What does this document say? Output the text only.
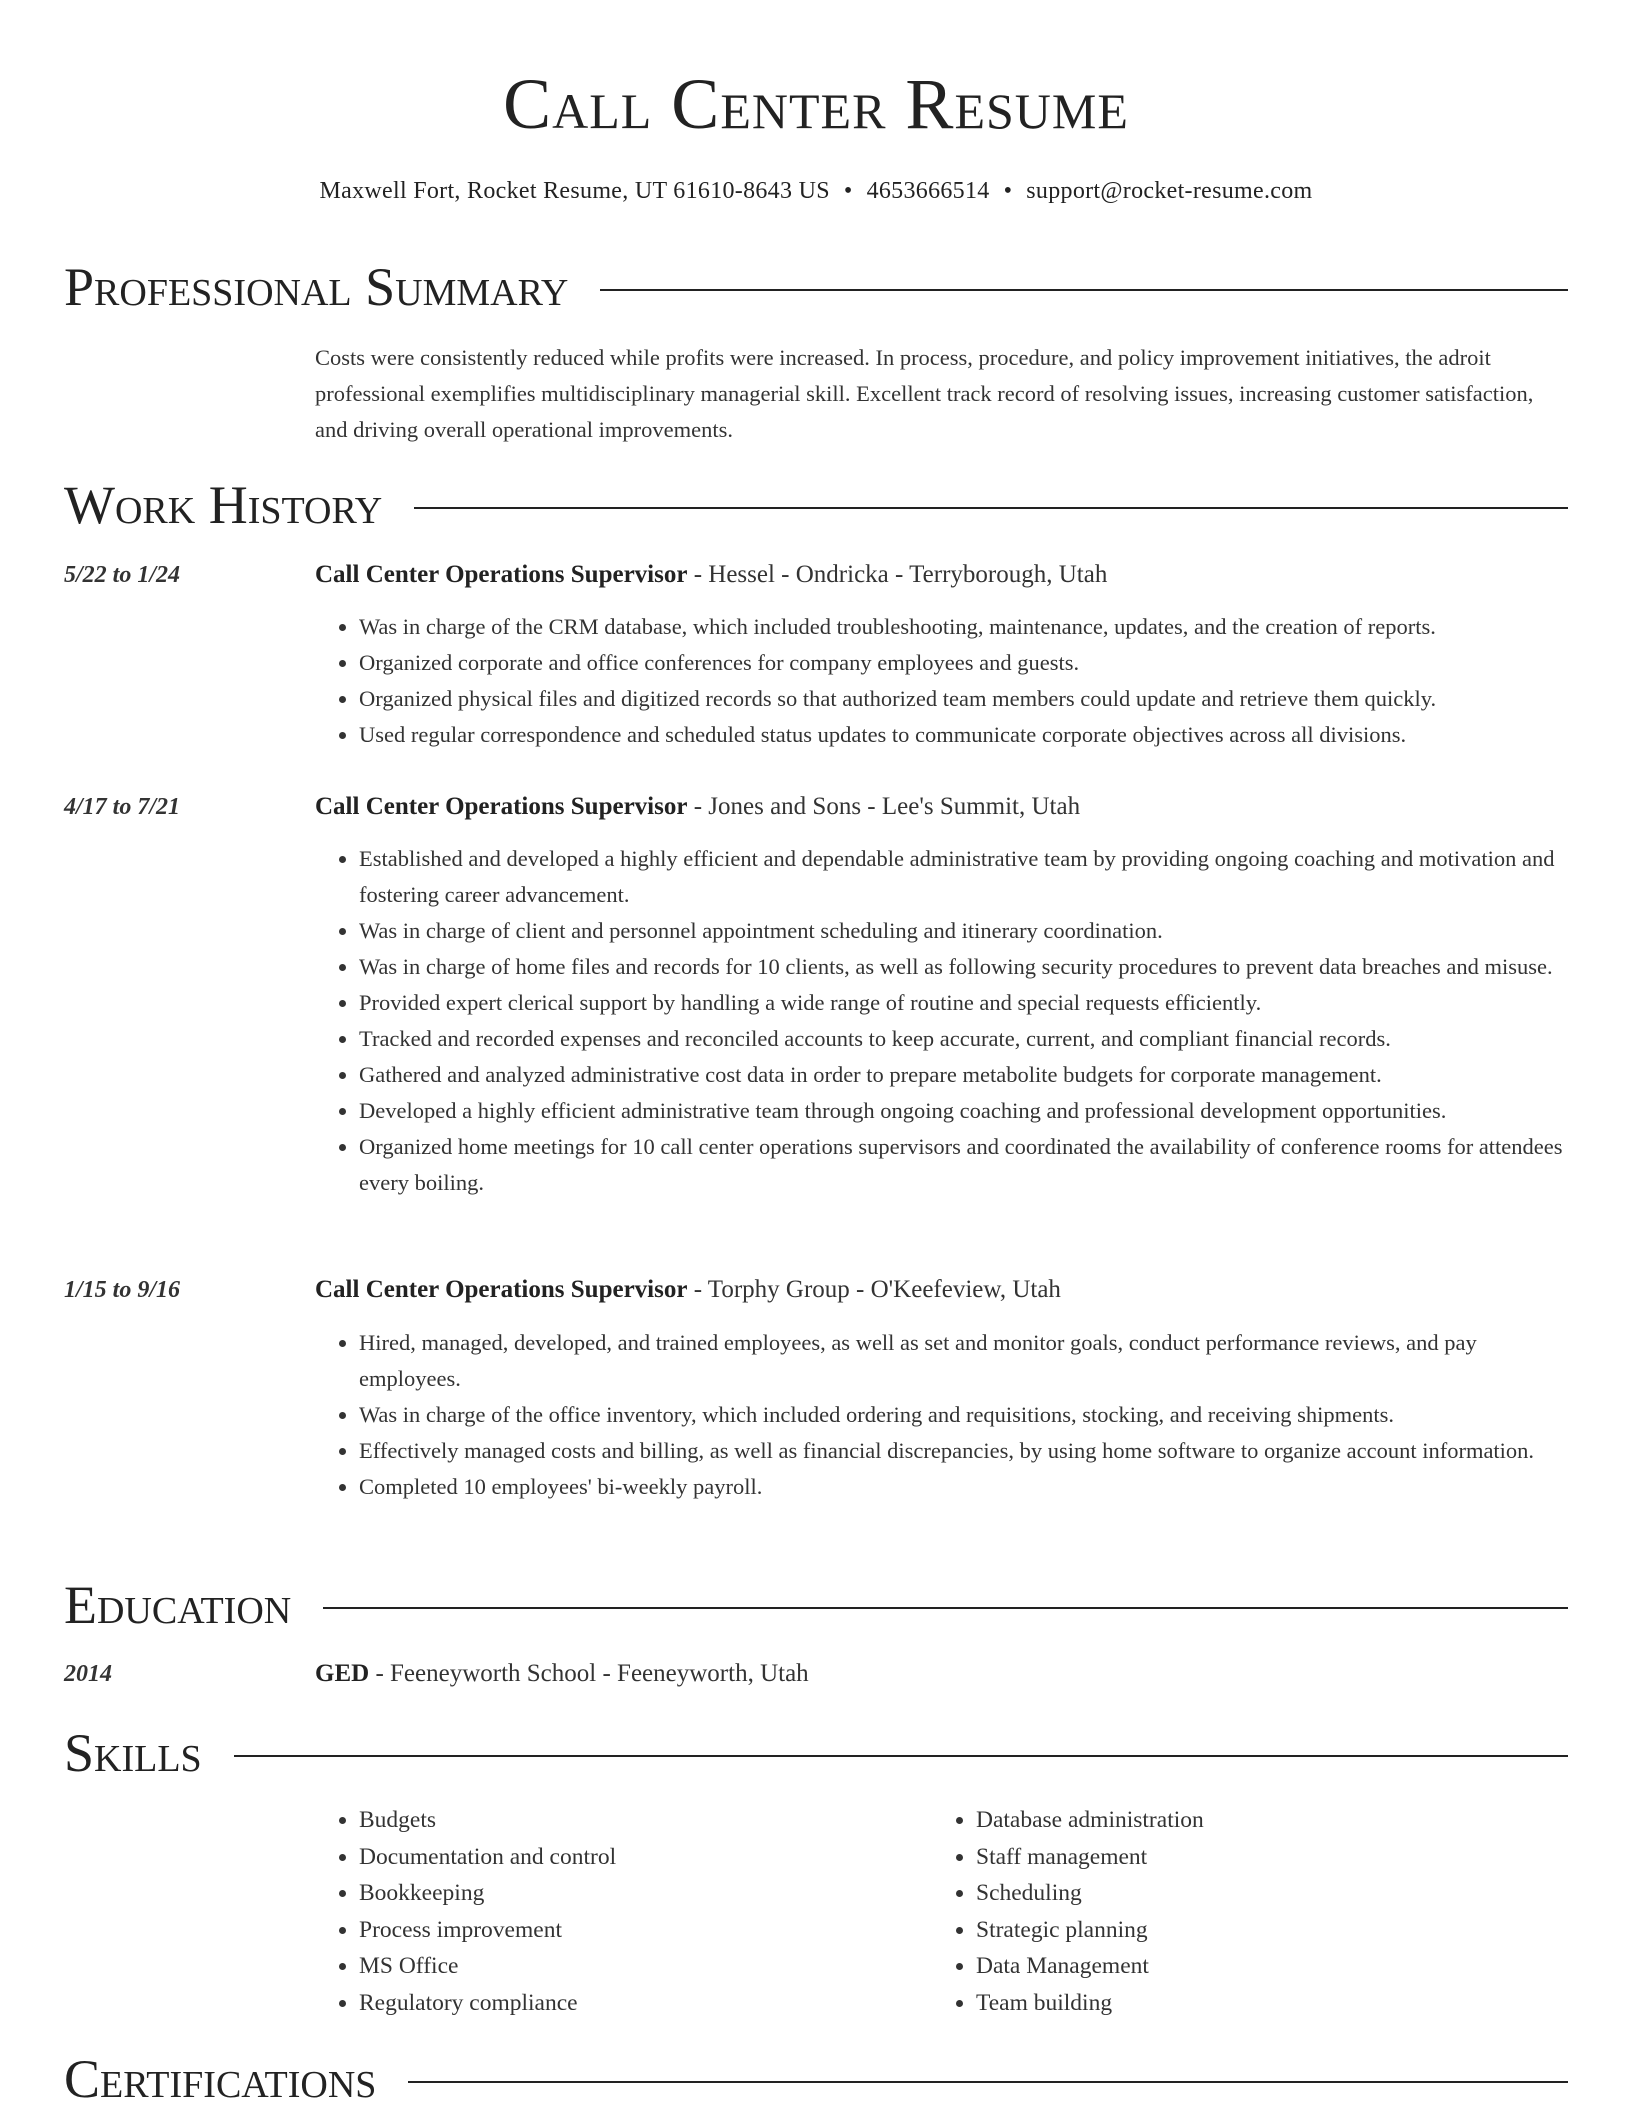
Call Center Resume
Maxwell Fort, Rocket Resume, UT 61610-8643 US • 4653666514 • support@rocket-resume.com
Professional Summary
Costs were consistently reduced while profits were increased. In process, procedure, and policy improvement initiatives, the adroit professional exemplifies multidisciplinary managerial skill. Excellent track record of resolving issues, increasing customer satisfaction, and driving overall operational improvements.
Work History
5/22 to 1/24	Call Center Operations Supervisor - Hessel - Ondricka - Terryborough, Utah
• Was in charge of the CRM database, which included troubleshooting, maintenance, updates, and the creation of reports.
• Organized corporate and office conferences for company employees and guests.
• Organized physical files and digitized records so that authorized team members could update and retrieve them quickly.
• Used regular correspondence and scheduled status updates to communicate corporate objectives across all divisions.
4/17 to 7/21	Call Center Operations Supervisor - Jones and Sons - Lee's Summit, Utah
• Established and developed a highly efficient and dependable administrative team by providing ongoing coaching and motivation and fostering career advancement.
• Was in charge of client and personnel appointment scheduling and itinerary coordination.
• Was in charge of home files and records for 10 clients, as well as following security procedures to prevent data breaches and misuse.
• Provided expert clerical support by handling a wide range of routine and special requests efficiently.
• Tracked and recorded expenses and reconciled accounts to keep accurate, current, and compliant financial records.
• Gathered and analyzed administrative cost data in order to prepare metabolite budgets for corporate management.
• Developed a highly efficient administrative team through ongoing coaching and professional development opportunities.
• Organized home meetings for 10 call center operations supervisors and coordinated the availability of conference rooms for attendees every boiling.
1/15 to 9/16	Call Center Operations Supervisor - Torphy Group - O'Keefeview, Utah
• Hired, managed, developed, and trained employees, as well as set and monitor goals, conduct performance reviews, and pay employees.
• Was in charge of the office inventory, which included ordering and requisitions, stocking, and receiving shipments.
• Effectively managed costs and billing, as well as financial discrepancies, by using home software to organize account information.
• Completed 10 employees' bi-weekly payroll.
Education
2014	GED - Feeneyworth School - Feeneyworth, Utah
Skills
• Budgets
• Documentation and control
• Bookkeeping
• Process improvement
• MS Office
• Regulatory compliance
• Database administration
• Staff management
• Scheduling
• Strategic planning
• Data Management
• Team building
Certifications
